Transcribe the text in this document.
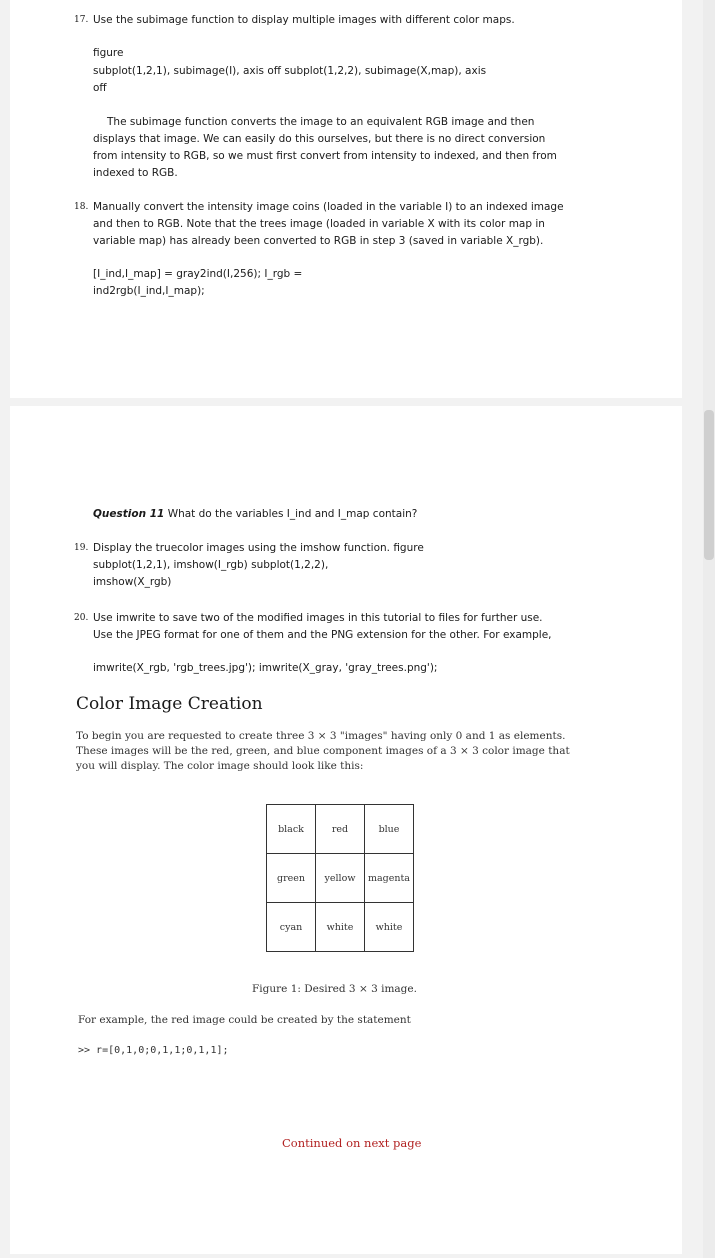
17. Use the subimage function to display multiple images with different color maps.
figure
subplot(1,2,1), subimage(I), axis off subplot(1,2,2), subimage(X,map), axis
off
The subimage function converts the image to an equivalent RGB image and then
displays that image. We can easily do this ourselves, but there is no direct conversion
from intensity to RGB, so we must first convert from intensity to indexed, and then from
indexed to RGB.
18. Manually convert the intensity image coins (loaded in the variable I) to an indexed image
and then to RGB. Note that the trees image (loaded in variable X with its color map in
variable map) has already been converted to RGB in step 3 (saved in variable X_rgb).
[I_ind,I_map] = gray2ind(I,256); I_rgb =
ind2rgb(I_ind,I_map);
Question 11 What do the variables I_ind and I_map contain?
19. Display the truecolor images using the imshow function. figure
subplot(1,2,1), imshow(I_rgb) subplot(1,2,2),
imshow(X_rgb)
20. Use imwrite to save two of the modified images in this tutorial to files for further use.
Use the JPEG format for one of them and the PNG extension for the other. For example,
imwrite(X_rgb, 'rgb_trees.jpg'); imwrite(X_gray, 'gray_trees.png');
Color Image Creation
To begin you are requested to create three 3 × 3 "images" having only 0 and 1 as elements.
These images will be the red, green, and blue component images of a 3 × 3 color image that
you will display. The color image should look like this:
black	red	blue
green	yellow	magenta
cyan	white	white
Figure 1: Desired 3 × 3 image.
For example, the red image could be created by the statement
>> r=[0,1,0;0,1,1;0,1,1];
Continued on next page
